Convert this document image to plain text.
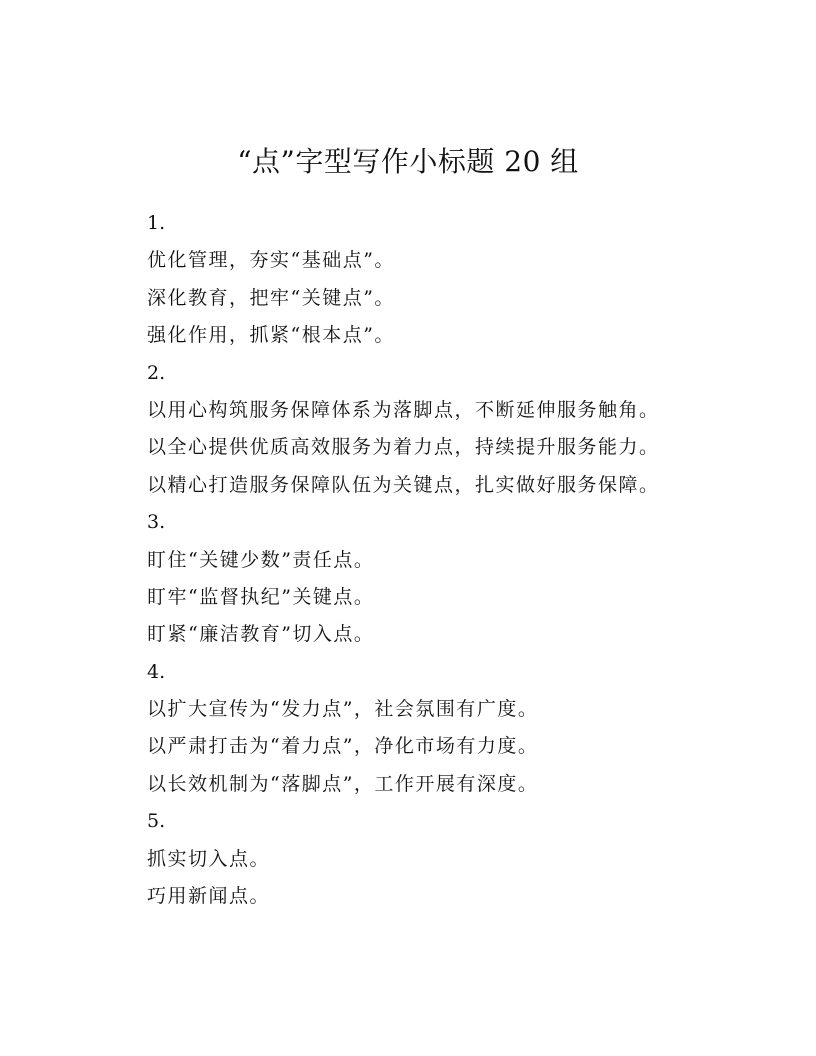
“点”字型写作小标题 20 组
1.
优化管理，夯实“基础点”。
深化教育，把牢“关键点”。
强化作用，抓紧“根本点”。
2.
以用心构筑服务保障体系为落脚点，不断延伸服务触角。
以全心提供优质高效服务为着力点，持续提升服务能力。
以精心打造服务保障队伍为关键点，扎实做好服务保障。
3.
盯住“关键少数”责任点。
盯牢“监督执纪”关键点。
盯紧“廉洁教育”切入点。
4.
以扩大宣传为“发力点”，社会氛围有广度。
以严肃打击为“着力点”，净化市场有力度。
以长效机制为“落脚点”，工作开展有深度。
5.
抓实切入点。
巧用新闻点。
